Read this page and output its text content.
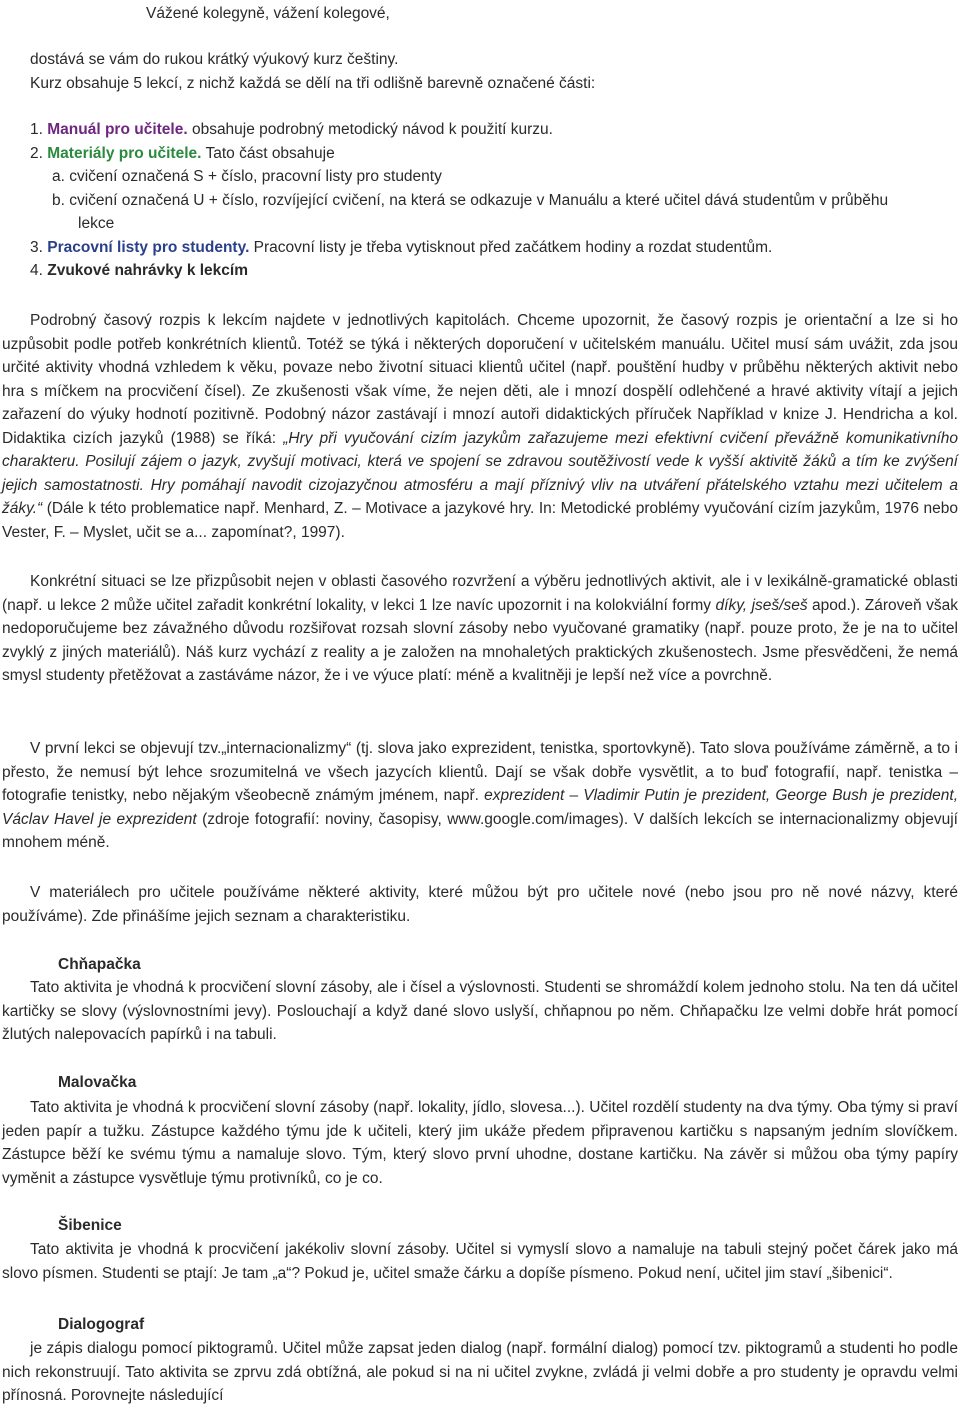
Vážené kolegyně, vážení kolegové,
dostává se vám do rukou krátký výukový kurz češtiny.
Kurz obsahuje 5 lekcí, z nichž každá se dělí na tři odlišně barevně označené části:
1. Manuál pro učitele. obsahuje podrobný metodický návod k použití kurzu.
2. Materiály pro učitele. Tato část obsahuje
a. cvičení označená S + číslo, pracovní listy pro studenty
b. cvičení označená U + číslo, rozvíjející cvičení, na která se odkazuje v Manuálu a které učitel dává studentům v průběhu
lekce
3. Pracovní listy pro studenty. Pracovní listy je třeba vytisknout před začátkem hodiny a rozdat studentům.
4. Zvukové nahrávky k lekcím
Podrobný časový rozpis k lekcím najdete v jednotlivých kapitolách. Chceme upozornit, že časový rozpis je orientační a lze si ho uzpůsobit podle potřeb konkrétních klientů. Totéž se týká i některých doporučení v učitelském manuálu. Učitel musí sám uvážit, zda jsou určité aktivity vhodná vzhledem k věku, povaze nebo životní situaci klientů učitel (např. pouštění hudby v průběhu některých aktivit nebo hra s míčkem na procvičení čísel). Ze zkušenosti však víme, že nejen děti, ale i mnozí dospělí odlehčené a hravé aktivity vítají a jejich zařazení do výuky hodnotí pozitivně. Podobný názor zastávají i mnozí autoři didaktických příruček Například v knize J. Hendricha a kol. Didaktika cizích jazyků (1988) se říká: „Hry při vyučování cizím jazykům zařazujeme mezi efektivní cvičení převážně komunikativního charakteru. Posilují zájem o jazyk, zvyšují motivaci, která ve spojení se zdravou soutěživostí vede k vyšší aktivitě žáků a tím ke zvýšení jejich samostatnosti. Hry pomáhají navodit cizojazyčnou atmosféru a mají příznivý vliv na utváření přátelského vztahu mezi učitelem a žáky.“ (Dále k této problematice např. Menhard, Z. – Motivace a jazykové hry. In: Metodické problémy vyučování cizím jazykům, 1976 nebo Vester, F. – Myslet, učit se a... zapomínat?, 1997).
Konkrétní situaci se lze přizpůsobit nejen v oblasti časového rozvržení a výběru jednotlivých aktivit, ale i v lexikálně-gramatické oblasti (např. u lekce 2 může učitel zařadit konkrétní lokality, v lekci 1 lze navíc upozornit i na kolokviální formy díky, jseš/seš apod.). Zároveň však nedoporučujeme bez závažného důvodu rozšiřovat rozsah slovní zásoby nebo vyučované gramatiky (např. pouze proto, že je na to učitel zvyklý z jiných materiálů). Náš kurz vychází z reality a je založen na mnohaletých praktických zkušenostech. Jsme přesvědčeni, že nemá smysl studenty přetěžovat a zastáváme názor, že i ve výuce platí: méně a kvalitněji je lepší než více a povrchně.
V první lekci se objevují tzv.„internacionalizmy“ (tj. slova jako exprezident, tenistka, sportovkyně). Tato slova používáme záměrně, a to i přesto, že nemusí být lehce srozumitelná ve všech jazycích klientů. Dají se však dobře vysvětlit, a to buď fotografií, např. tenistka – fotografie tenistky, nebo nějakým všeobecně známým jménem, např. exprezident – Vladimir Putin je prezident, George Bush je prezident, Václav Havel je exprezident (zdroje fotografií: noviny, časopisy, www.google.com/images). V dalších lekcích se internacionalizmy objevují mnohem méně.
V materiálech pro učitele používáme některé aktivity, které můžou být pro učitele nové (nebo jsou pro ně nové názvy, které používáme). Zde přinášíme jejich seznam a charakteristiku.
Chňapačka
Tato aktivita je vhodná k procvičení slovní zásoby, ale i čísel a výslovnosti. Studenti se shromáždí kolem jednoho stolu. Na ten dá učitel kartičky se slovy (výslovnostními jevy). Poslouchají a když dané slovo uslyší, chňapnou po něm. Chňapačku lze velmi dobře hrát pomocí žlutých nalepovacích papírků i na tabuli.
Malovačka
Tato aktivita je vhodná k procvičení slovní zásoby (např. lokality, jídlo, slovesa...). Učitel rozdělí studenty na dva týmy. Oba týmy si praví jeden papír a tužku. Zástupce každého týmu jde k učiteli, který jim ukáže předem připravenou kartičku s napsaným jedním slovíčkem. Zástupce běží ke svému týmu a namaluje slovo. Tým, který slovo první uhodne, dostane kartičku. Na závěr si můžou oba týmy papíry vyměnit a zástupce vysvětluje týmu protivníků, co je co.
Šibenice
Tato aktivita je vhodná k procvičení jakékoliv slovní zásoby. Učitel si vymyslí slovo a namaluje na tabuli stejný počet čárek jako má slovo písmen. Studenti se ptají: Je tam „a“? Pokud je, učitel smaže čárku a dopíše písmeno. Pokud není, učitel jim staví „šibenici“.
Dialogograf
je zápis dialogu pomocí piktogramů. Učitel může zapsat jeden dialog (např. formální dialog) pomocí tzv. piktogramů a studenti ho podle nich rekonstruují. Tato aktivita se zprvu zdá obtížná, ale pokud si na ni učitel zvykne, zvládá ji velmi dobře a pro studenty je opravdu velmi přínosná. Porovnejte následující
